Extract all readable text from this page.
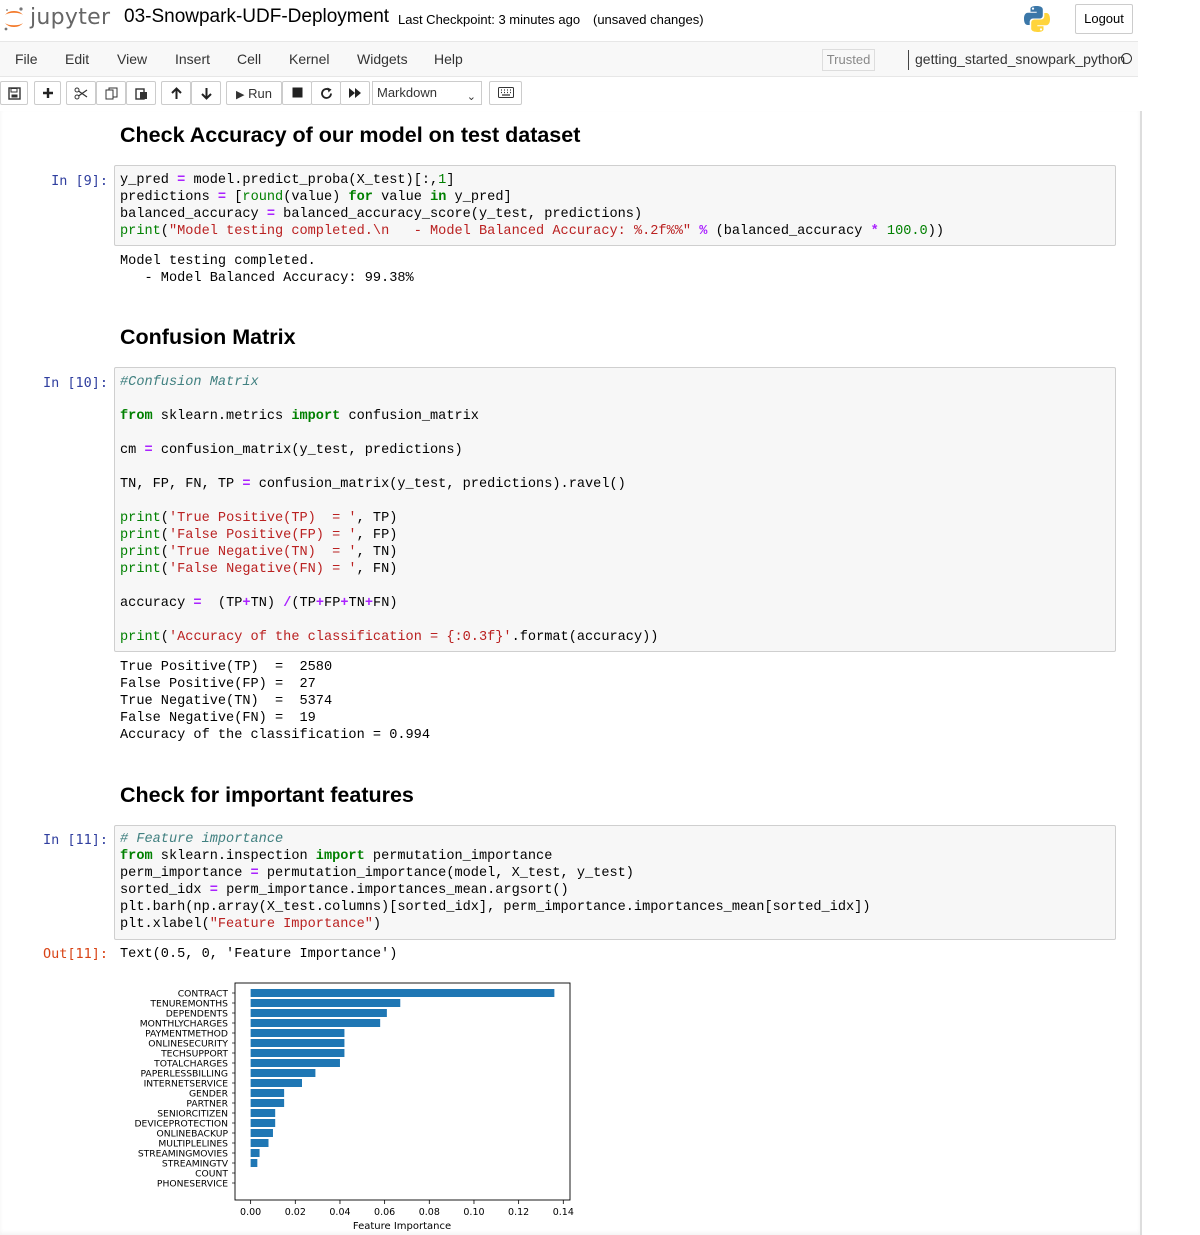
jupyter 03-Snowpark-UDF-Deployment Last Checkpoint: 3 minutes ago (unsaved changes)	Logout
File Edit View Insert Cell Kernel Widgets Help	Trusted	getting_started_snowpark_python
▶ Run	Markdown	⌄
Check Accuracy of our model on test dataset
In [9]: y_pred = model.predict_proba(X_test)[:,1]
predictions = [round(value) for value in y_pred]
balanced_accuracy = balanced_accuracy_score(y_test, predictions)
print("Model testing completed.\n   - Model Balanced Accuracy: %.2f%%" % (balanced_accuracy * 100.0))
Model testing completed.
- Model Balanced Accuracy: 99.38%
Confusion Matrix
In [10]: #Confusion Matrix
from sklearn.metrics import confusion_matrix
cm = confusion_matrix(y_test, predictions)
TN, FP, FN, TP = confusion_matrix(y_test, predictions).ravel()
print('True Positive(TP)  = ', TP)
print('False Positive(FP) = ', FP)
print('True Negative(TN)  = ', TN)
print('False Negative(FN) = ', FN)
accuracy =  (TP+TN) /(TP+FP+TN+FN)
print('Accuracy of the classification = {:0.3f}'.format(accuracy))
True Positive(TP)  =  2580
False Positive(FP) =  27
True Negative(TN)  =  5374
False Negative(FN) =  19
Accuracy of the classification = 0.994
Check for important features
In [11]: # Feature importance
from sklearn.inspection import permutation_importance
perm_importance = permutation_importance(model, X_test, y_test)
sorted_idx = perm_importance.importances_mean.argsort()
plt.barh(np.array(X_test.columns)[sorted_idx], perm_importance.importances_mean[sorted_idx])
plt.xlabel("Feature Importance")
Out[11]: Text(0.5, 0, 'Feature Importance')
CONTRACT
TENUREMONTHS
DEPENDENTS
MONTHLYCHARGES
PAYMENTMETHOD
ONLINESECURITY
TECHSUPPORT
TOTALCHARGES
PAPERLESSBILLING
INTERNETSERVICE
GENDER
PARTNER
SENIORCITIZEN
DEVICEPROTECTION
ONLINEBACKUP
MULTIPLELINES
STREAMINGMOVIES
STREAMINGTV
COUNT
PHONESERVICE
0.00 0.02 0.04 0.06 0.08 0.10 0.12 0.14
Feature Importance
